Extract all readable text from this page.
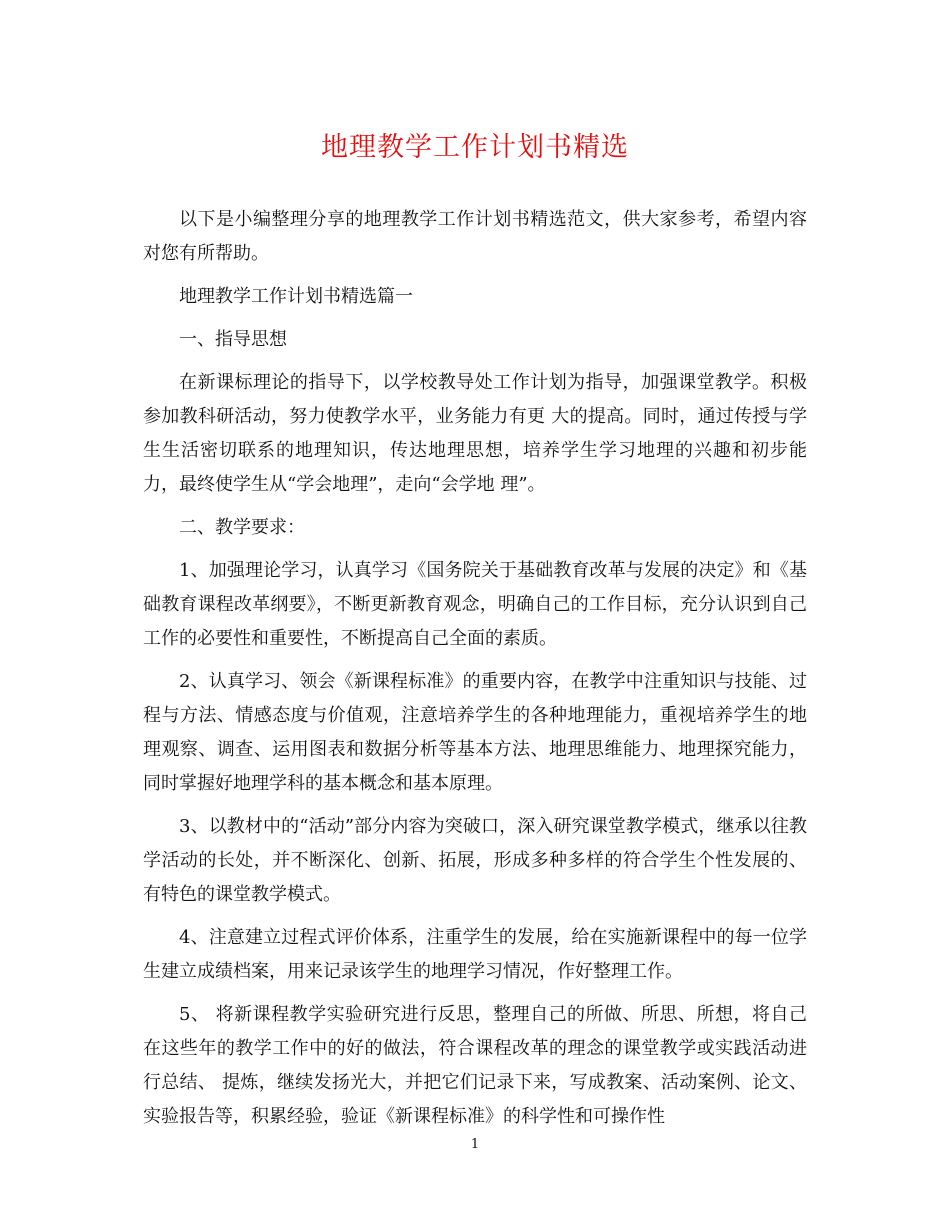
地理教学工作计划书精选

以下是小编整理分享的地理教学工作计划书精选范文，供大家参考，希望内容对您有所帮助。

地理教学工作计划书精选篇一

一、指导思想

在新课标理论的指导下，以学校教导处工作计划为指导，加强课堂教学。积极参加教科研活动，努力使教学水平，业务能力有更 大的提高。同时，通过传授与学生生活密切联系的地理知识，传达地理思想，培养学生学习地理的兴趣和初步能力，最终使学生从“学会地理”，走向“会学地 理”。

二、教学要求：

1、加强理论学习，认真学习《国务院关于基础教育改革与发展的决定》和《基础教育课程改革纲要》，不断更新教育观念，明确自己的工作目标，充分认识到自己工作的必要性和重要性，不断提高自己全面的素质。

2、认真学习、领会《新课程标准》的重要内容，在教学中注重知识与技能、过程与方法、情感态度与价值观，注意培养学生的各种地理能力，重视培养学生的地理观察、调查、运用图表和数据分析等基本方法、地理思维能力、地理探究能力，同时掌握好地理学科的基本概念和基本原理。

3、以教材中的“活动”部分内容为突破口，深入研究课堂教学模式，继承以往教学活动的长处，并不断深化、创新、拓展，形成多种多样的符合学生个性发展的、有特色的课堂教学模式。

4、注意建立过程式评价体系，注重学生的发展，给在实施新课程中的每一位学生建立成绩档案，用来记录该学生的地理学习情况，作好整理工作。

5、 将新课程教学实验研究进行反思，整理自己的所做、所思、所想，将自己在这些年的教学工作中的好的做法，符合课程改革的理念的课堂教学或实践活动进行总结、 提炼，继续发扬光大，并把它们记录下来，写成教案、活动案例、论文、实验报告等，积累经验，验证《新课程标准》的科学性和可操作性

1
